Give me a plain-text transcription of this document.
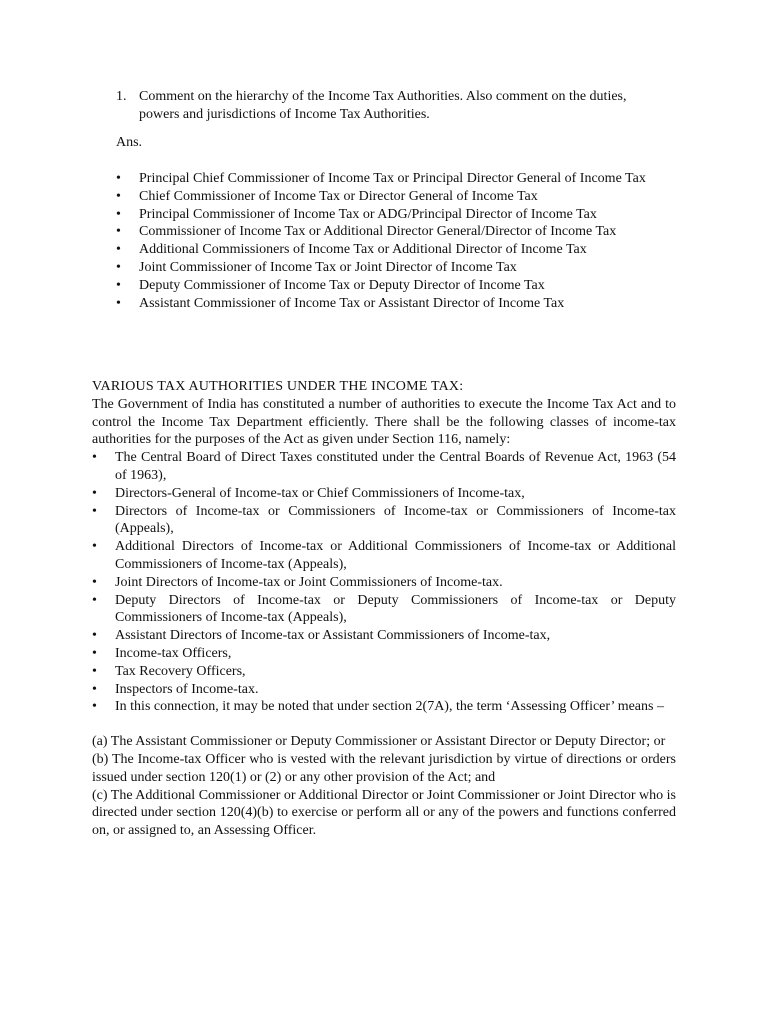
1. Comment on the hierarchy of the Income Tax Authorities. Also comment on the duties, powers and jurisdictions of Income Tax Authorities.
Ans.
• Principal Chief Commissioner of Income Tax or Principal Director General of Income Tax
• Chief Commissioner of Income Tax or Director General of Income Tax
• Principal Commissioner of Income Tax or ADG/Principal Director of Income Tax
• Commissioner of Income Tax or Additional Director General/Director of Income Tax
• Additional Commissioners of Income Tax or Additional Director of Income Tax
• Joint Commissioner of Income Tax or Joint Director of Income Tax
• Deputy Commissioner of Income Tax or Deputy Director of Income Tax
• Assistant Commissioner of Income Tax or Assistant Director of Income Tax
VARIOUS TAX AUTHORITIES UNDER THE INCOME TAX:
The Government of India has constituted a number of authorities to execute the Income Tax Act and to control the Income Tax Department efficiently. There shall be the following classes of income-tax authorities for the purposes of the Act as given under Section 116, namely:
• The Central Board of Direct Taxes constituted under the Central Boards of Revenue Act, 1963 (54 of 1963),
• Directors-General of Income-tax or Chief Commissioners of Income-tax,
• Directors of Income-tax or Commissioners of Income-tax or Commissioners of Income-tax (Appeals),
• Additional Directors of Income-tax or Additional Commissioners of Income-tax or Additional Commissioners of Income-tax (Appeals),
• Joint Directors of Income-tax or Joint Commissioners of Income-tax.
• Deputy Directors of Income-tax or Deputy Commissioners of Income-tax or Deputy Commissioners of Income-tax (Appeals),
• Assistant Directors of Income-tax or Assistant Commissioners of Income-tax,
• Income-tax Officers,
• Tax Recovery Officers,
• Inspectors of Income-tax.
• In this connection, it may be noted that under section 2(7A), the term ‘Assessing Officer’ means –

(a) The Assistant Commissioner or Deputy Commissioner or Assistant Director or Deputy Director; or

(b) The Income-tax Officer who is vested with the relevant jurisdiction by virtue of directions or orders issued under section 120(1) or (2) or any other provision of the Act; and

(c) The Additional Commissioner or Additional Director or Joint Commissioner or Joint Director who is directed under section 120(4)(b) to exercise or perform all or any of the powers and functions conferred on, or assigned to, an Assessing Officer.
